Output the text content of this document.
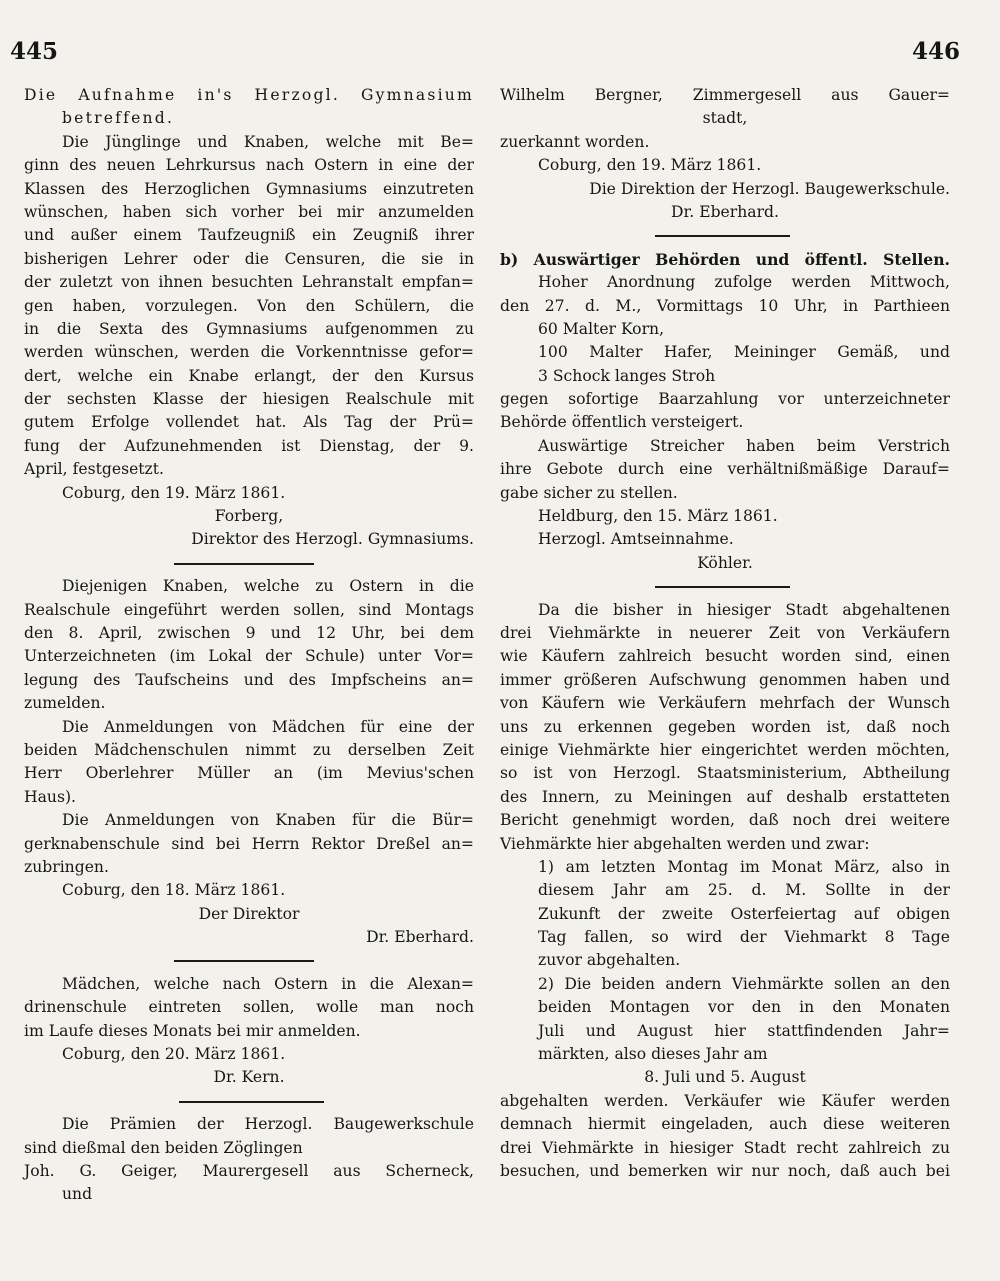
445	446
Die Aufnahme in's Herzogl. Gymnasium
betreffend.
Die Jünglinge und Knaben, welche mit Be=
ginn des neuen Lehrkursus nach Ostern in eine der
Klassen des Herzoglichen Gymnasiums einzutreten
wünschen, haben sich vorher bei mir anzumelden
und außer einem Taufzeugniß ein Zeugniß ihrer
bisherigen Lehrer oder die Censuren, die sie in
der zuletzt von ihnen besuchten Lehranstalt empfan=
gen haben, vorzulegen. Von den Schülern, die
in die Sexta des Gymnasiums aufgenommen zu
werden wünschen, werden die Vorkenntnisse gefor=
dert, welche ein Knabe erlangt, der den Kursus
der sechsten Klasse der hiesigen Realschule mit
gutem Erfolge vollendet hat. Als Tag der Prü=
fung der Aufzunehmenden ist Dienstag, der 9.
April, festgesetzt.
Coburg, den 19. März 1861.
Forberg,
Direktor des Herzogl. Gymnasiums.
Diejenigen Knaben, welche zu Ostern in die
Realschule eingeführt werden sollen, sind Montags
den 8. April, zwischen 9 und 12 Uhr, bei dem
Unterzeichneten (im Lokal der Schule) unter Vor=
legung des Taufscheins und des Impfscheins an=
zumelden.
Die Anmeldungen von Mädchen für eine der
beiden Mädchenschulen nimmt zu derselben Zeit
Herr Oberlehrer Müller an (im Mevius'schen
Haus).
Die Anmeldungen von Knaben für die Bür=
gerknabenschule sind bei Herrn Rektor Dreßel an=
zubringen.
Coburg, den 18. März 1861.
Der Direktor
Dr. Eberhard.
Mädchen, welche nach Ostern in die Alexan=
drinenschule eintreten sollen, wolle man noch
im Laufe dieses Monats bei mir anmelden.
Coburg, den 20. März 1861.
Dr. Kern.
Die Prämien der Herzogl. Baugewerkschule
sind dießmal den beiden Zöglingen
Joh. G. Geiger, Maurergesell aus Scherneck,
und
Wilhelm Bergner, Zimmergesell aus Gauer=
stadt,
zuerkannt worden.
Coburg, den 19. März 1861.
Die Direktion der Herzogl. Baugewerkschule.
Dr. Eberhard.
b) Auswärtiger Behörden und öffentl. Stellen.
Hoher Anordnung zufolge werden Mittwoch,
den 27. d. M., Vormittags 10 Uhr, in Parthieen
60 Malter Korn,
100 Malter Hafer, Meininger Gemäß, und
3 Schock langes Stroh
gegen sofortige Baarzahlung vor unterzeichneter
Behörde öffentlich versteigert.
Auswärtige Streicher haben beim Verstrich
ihre Gebote durch eine verhältnißmäßige Darauf=
gabe sicher zu stellen.
Heldburg, den 15. März 1861.
Herzogl. Amtseinnahme.
Köhler.
Da die bisher in hiesiger Stadt abgehaltenen
drei Viehmärkte in neuerer Zeit von Verkäufern
wie Käufern zahlreich besucht worden sind, einen
immer größeren Aufschwung genommen haben und
von Käufern wie Verkäufern mehrfach der Wunsch
uns zu erkennen gegeben worden ist, daß noch
einige Viehmärkte hier eingerichtet werden möchten,
so ist von Herzogl. Staatsministerium, Abtheilung
des Innern, zu Meiningen auf deshalb erstatteten
Bericht genehmigt worden, daß noch drei weitere
Viehmärkte hier abgehalten werden und zwar:
1) am letzten Montag im Monat März, also in
diesem Jahr am 25. d. M. Sollte in der
Zukunft der zweite Osterfeiertag auf obigen
Tag fallen, so wird der Viehmarkt 8 Tage
zuvor abgehalten.
2) Die beiden andern Viehmärkte sollen an den
beiden Montagen vor den in den Monaten
Juli und August hier stattfindenden Jahr=
märkten, also dieses Jahr am
8. Juli und 5. August
abgehalten werden. Verkäufer wie Käufer werden
demnach hiermit eingeladen, auch diese weiteren
drei Viehmärkte in hiesiger Stadt recht zahlreich zu
besuchen, und bemerken wir nur noch, daß auch bei
